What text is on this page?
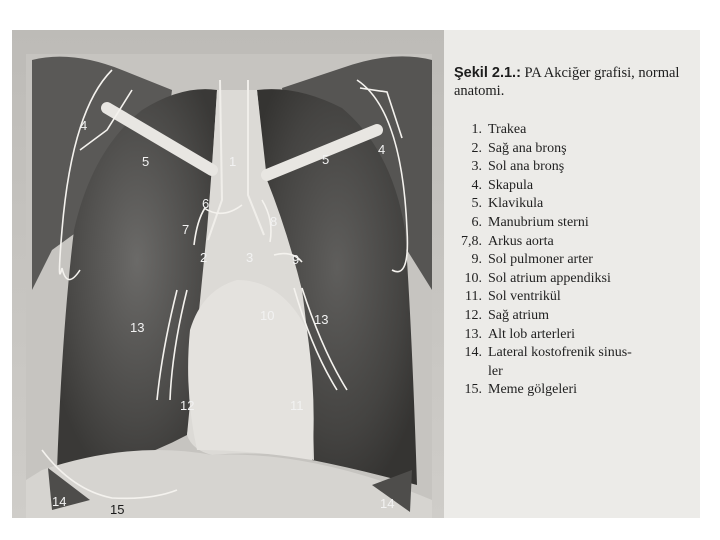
1
2	3
4
4
5	5
6
7
8
9
10
11
12
13
13
14	14
15
Şekil 2.1.: PA Akciğer grafisi, normal anatomi.
1. Trakea
2. Sağ ana bronş
3. Sol ana bronş
4. Skapula
5. Klavikula
6. Manubrium sterni
7,8. Arkus aorta
9. Sol pulmoner arter
10. Sol atrium appendiksi
11. Sol ventrikül
12. Sağ atrium
13. Alt lob arterleri
14. Lateral kostofrenik sinus-
ler
15. Meme gölgeleri
